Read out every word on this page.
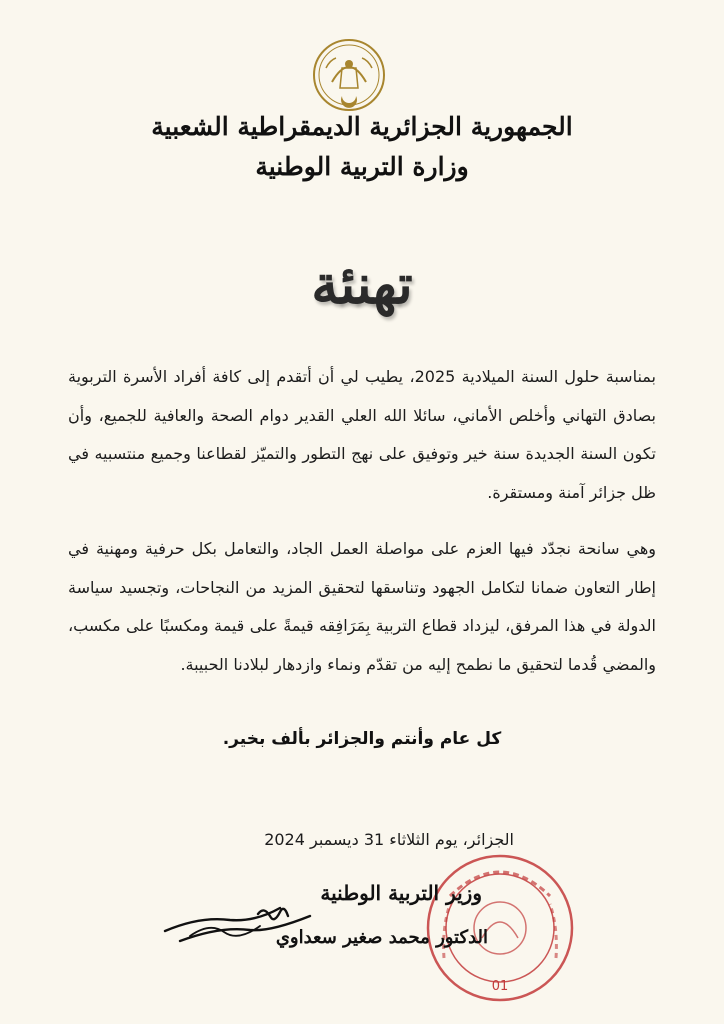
الجمهورية الجزائرية الديمقراطية الشعبية
وزارة التربية الوطنية
تهنئة
بمناسبة حلول السنة الميلادية 2025، يطيب لي أن أتقدم إلى كافة أفراد الأسرة التربوية بصادق التهاني وأخلص الأماني، سائلا الله العلي القدير دوام الصحة والعافية للجميع، وأن تكون السنة الجديدة سنة خير وتوفيق على نهج التطور والتميّز لقطاعنا وجميع منتسبيه في ظل جزائر آمنة ومستقرة.
وهي سانحة نجدّد فيها العزم على مواصلة العمل الجاد، والتعامل بكل حرفية ومهنية في إطار التعاون ضمانا لتكامل الجهود وتناسقها لتحقيق المزيد من النجاحات، وتجسيد سياسة الدولة في هذا المرفق، ليزداد قطاع التربية بِمَرَافِقه قيمةً على قيمة ومكسبًا على مكسب، والمضي قُدما لتحقيق ما نطمح إليه من تقدّم ونماء وازدهار لبلادنا الحبيبة.
كل عام وأنتم والجزائر بألف بخير.
الجزائر، يوم الثلاثاء 31 ديسمبر 2024
01
وزير التربية الوطنية
الدكتور محمد صغير سعداوي
